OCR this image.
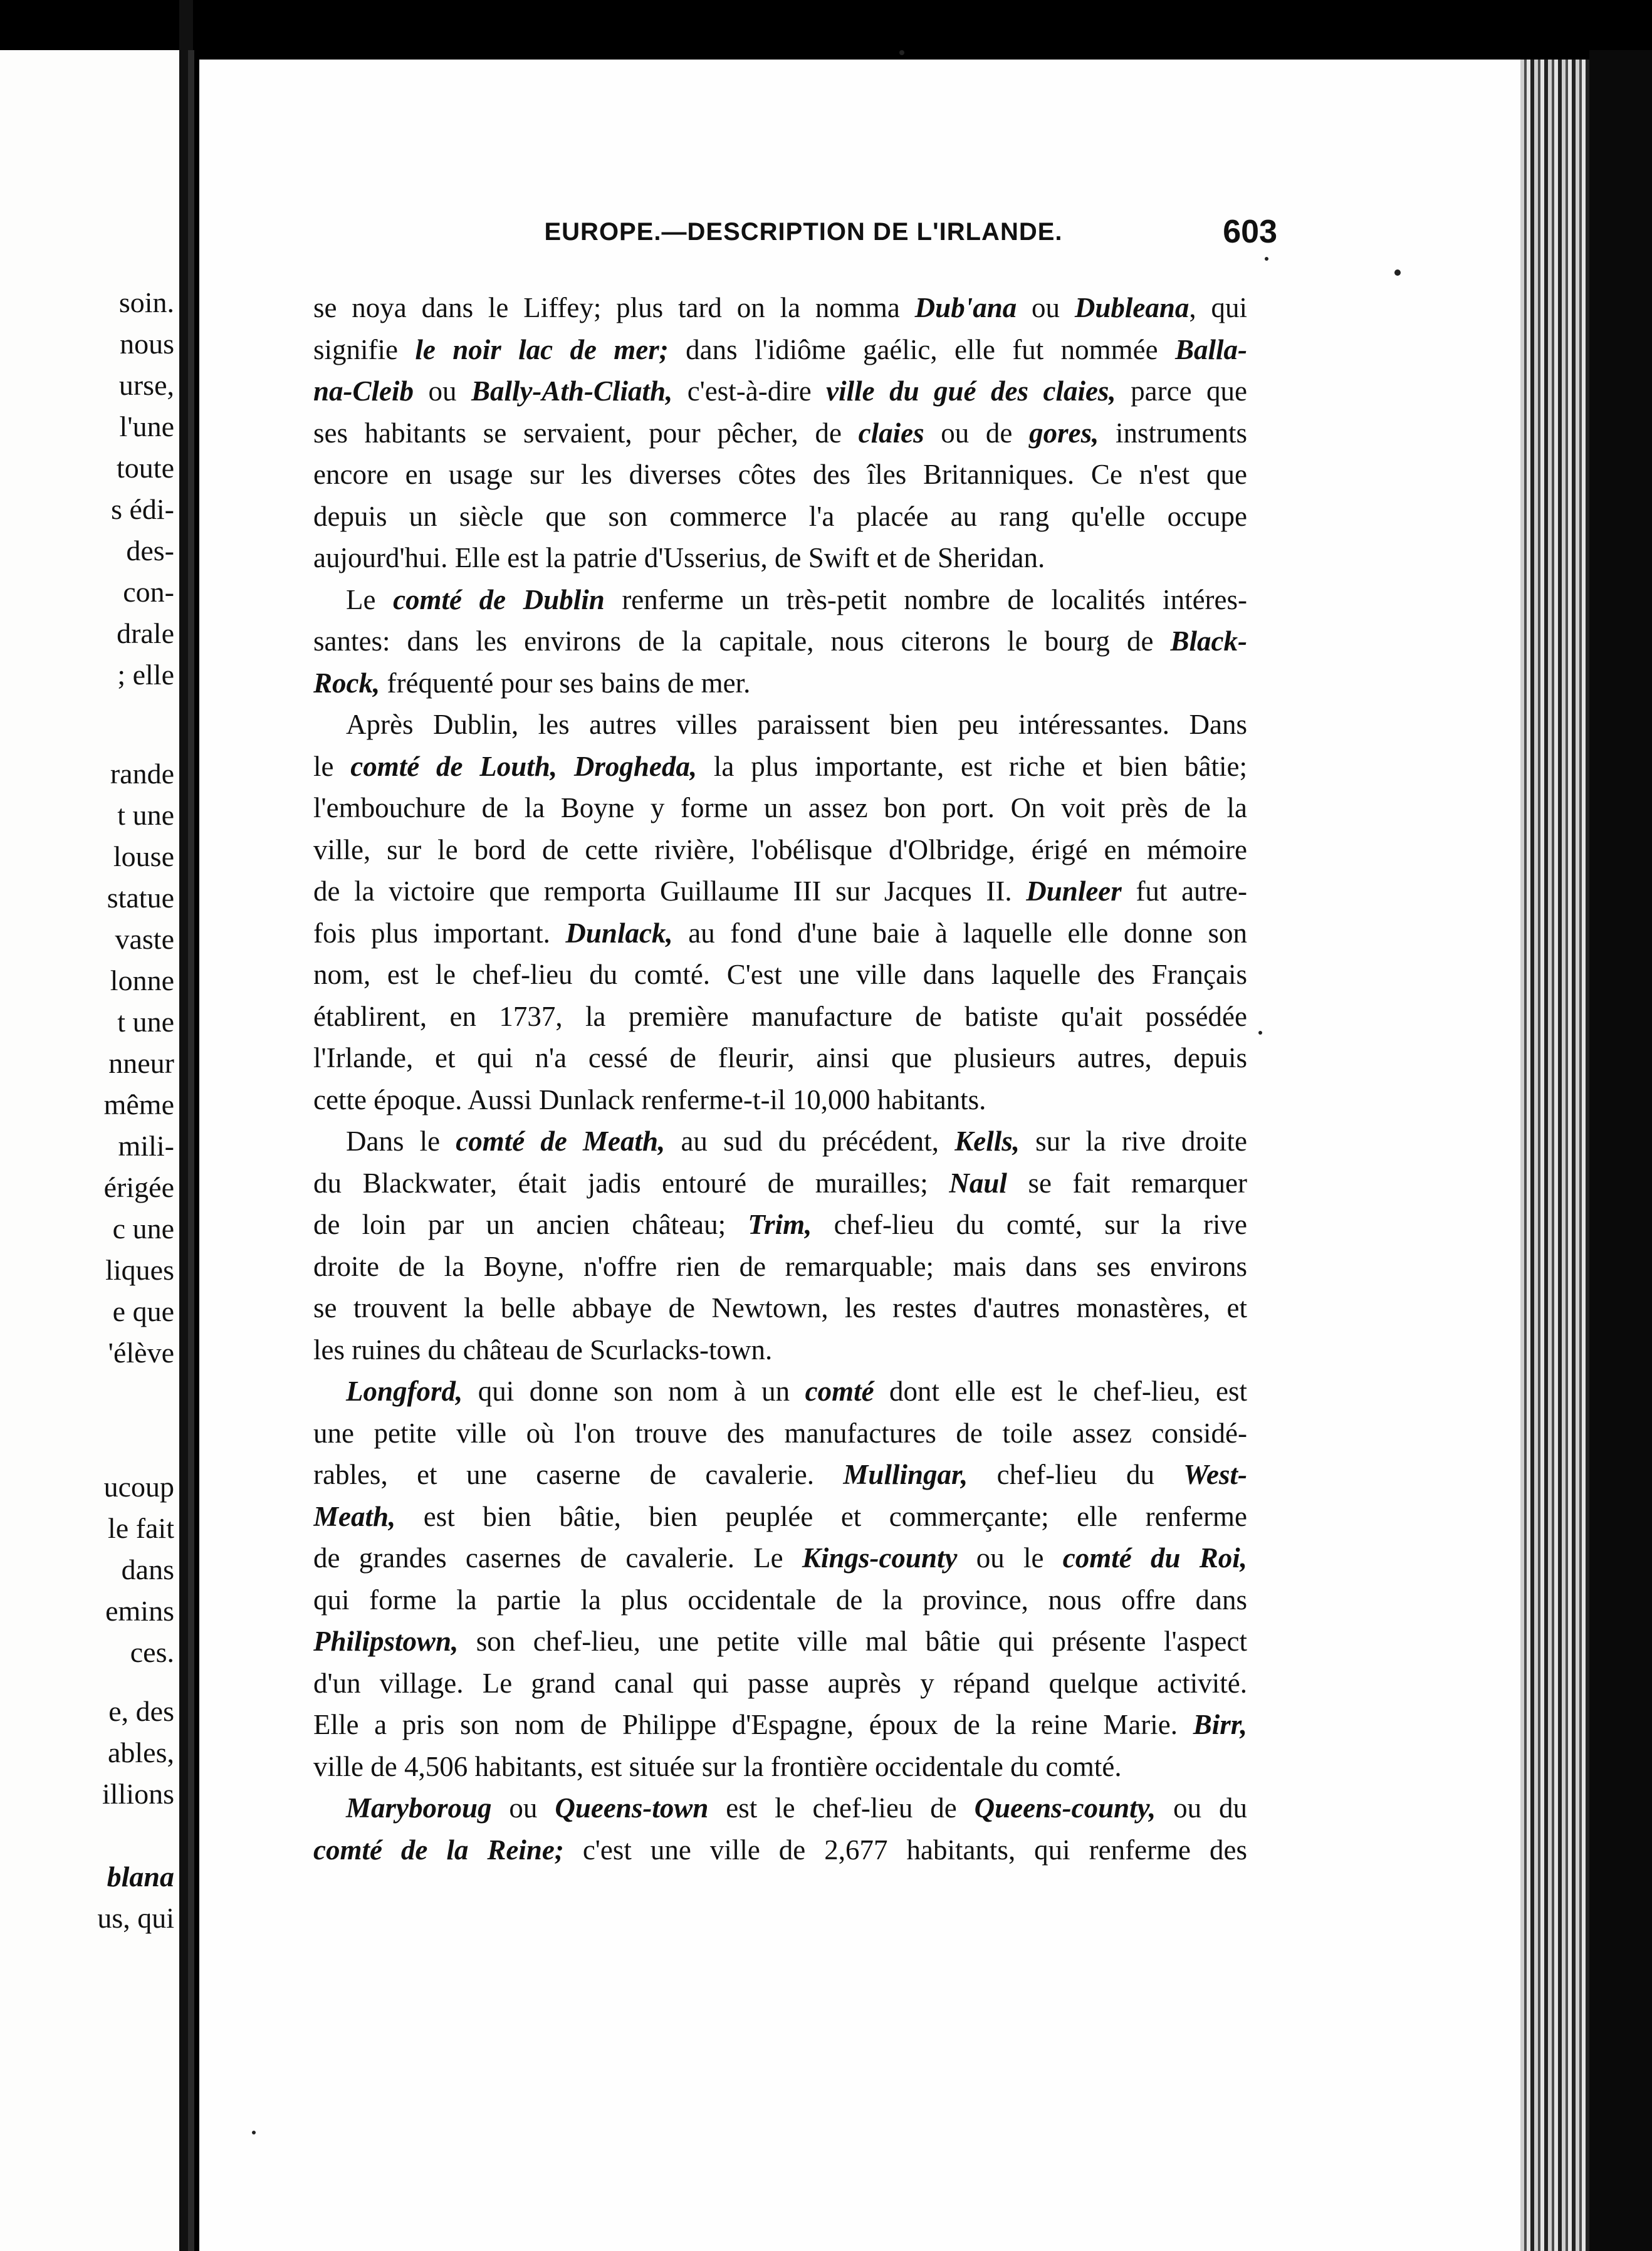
soin.
nous
urse,
l'une
toute
s édi-
des-
con-
drale
; elle
rande
t une
louse
statue
vaste
lonne
t une
nneur
même
mili-
érigée
c une
liques
e que
'élève
ucoup
le fait
dans
emins
ces.
e, des
ables,
illions
blana
us, qui
EUROPE.—DESCRIPTION DE L'IRLANDE.	603
se noya dans le Liffey; plus tard on la nomma Dub'ana ou Dubleana, qui
signifie le noir lac de mer; dans l'idiôme gaélic, elle fut nommée Balla-
na-Cleib ou Bally-Ath-Cliath, c'est-à-dire ville du gué des claies, parce que
ses habitants se servaient, pour pêcher, de claies ou de gores, instruments
encore en usage sur les diverses côtes des îles Britanniques. Ce n'est que
depuis un siècle que son commerce l'a placée au rang qu'elle occupe
aujourd'hui. Elle est la patrie d'Usserius, de Swift et de Sheridan.
Le comté de Dublin renferme un très-petit nombre de localités intéres-
santes: dans les environs de la capitale, nous citerons le bourg de Black-
Rock, fréquenté pour ses bains de mer.
Après Dublin, les autres villes paraissent bien peu intéressantes. Dans
le comté de Louth, Drogheda, la plus importante, est riche et bien bâtie;
l'embouchure de la Boyne y forme un assez bon port. On voit près de la
ville, sur le bord de cette rivière, l'obélisque d'Olbridge, érigé en mémoire
de la victoire que remporta Guillaume III sur Jacques II. Dunleer fut autre-
fois plus important. Dunlack, au fond d'une baie à laquelle elle donne son
nom, est le chef-lieu du comté. C'est une ville dans laquelle des Français
établirent, en 1737, la première manufacture de batiste qu'ait possédée
l'Irlande, et qui n'a cessé de fleurir, ainsi que plusieurs autres, depuis
cette époque. Aussi Dunlack renferme-t-il 10,000 habitants.
Dans le comté de Meath, au sud du précédent, Kells, sur la rive droite
du Blackwater, était jadis entouré de murailles; Naul se fait remarquer
de loin par un ancien château; Trim, chef-lieu du comté, sur la rive
droite de la Boyne, n'offre rien de remarquable; mais dans ses environs
se trouvent la belle abbaye de Newtown, les restes d'autres monastères, et
les ruines du château de Scurlacks-town.
Longford, qui donne son nom à un comté dont elle est le chef-lieu, est
une petite ville où l'on trouve des manufactures de toile assez considé-
rables, et une caserne de cavalerie. Mullingar, chef-lieu du West-
Meath, est bien bâtie, bien peuplée et commerçante; elle renferme
de grandes casernes de cavalerie. Le Kings-county ou le comté du Roi,
qui forme la partie la plus occidentale de la province, nous offre dans
Philipstown, son chef-lieu, une petite ville mal bâtie qui présente l'aspect
d'un village. Le grand canal qui passe auprès y répand quelque activité.
Elle a pris son nom de Philippe d'Espagne, époux de la reine Marie. Birr,
ville de 4,506 habitants, est située sur la frontière occidentale du comté.
Maryboroug ou Queens-town est le chef-lieu de Queens-county, ou du
comté de la Reine; c'est une ville de 2,677 habitants, qui renferme des
